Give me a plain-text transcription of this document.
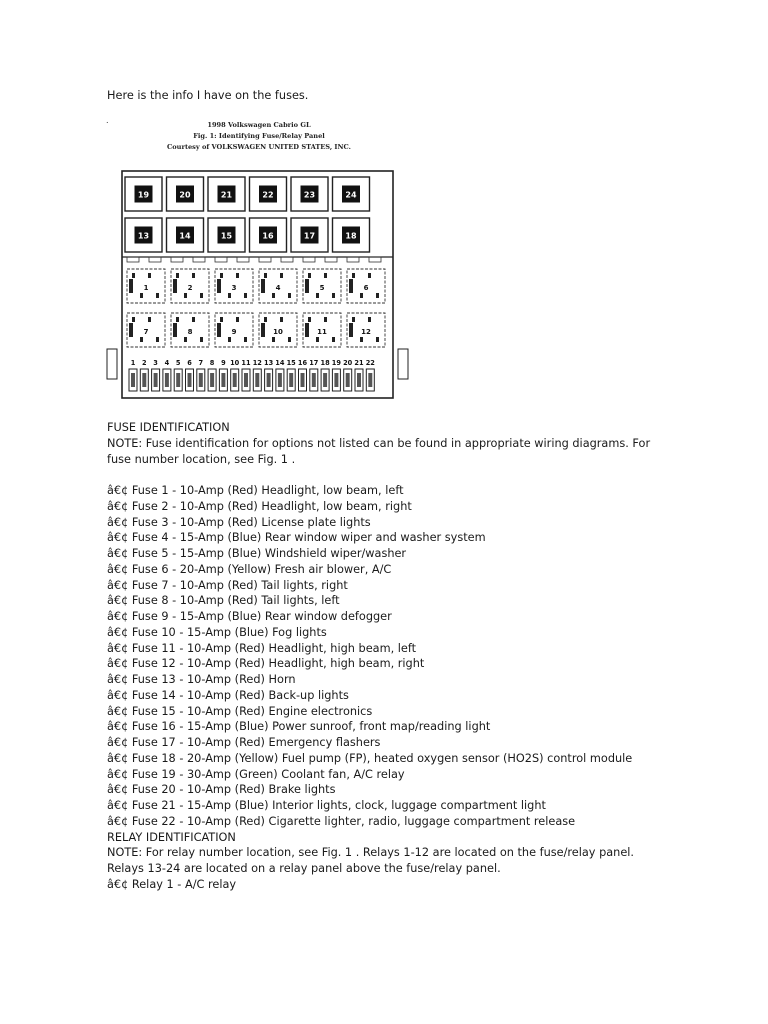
Here is the info I have on the fuses.
.	1998 Volkswagen Cabrio GL
Fig. 1: Identifying Fuse/Relay Panel
Courtesy of VOLKSWAGEN UNITED STATES, INC.
19	20	21	22	23	24
13	14	15	16	17	18
1	2	3	4	5	6
7	8	9	10	11	12
1 2 3 4 5 6 7 8 9 10 11 12 13 14 15 16 17 18 19 20 21 22
FUSE IDENTIFICATION
NOTE: Fuse identification for options not listed can be found in appropriate wiring diagrams. For
fuse number location, see Fig. 1 .
â€¢ Fuse 1 - 10-Amp (Red) Headlight, low beam, left
â€¢ Fuse 2 - 10-Amp (Red) Headlight, low beam, right
â€¢ Fuse 3 - 10-Amp (Red) License plate lights
â€¢ Fuse 4 - 15-Amp (Blue) Rear window wiper and washer system
â€¢ Fuse 5 - 15-Amp (Blue) Windshield wiper/washer
â€¢ Fuse 6 - 20-Amp (Yellow) Fresh air blower, A/C
â€¢ Fuse 7 - 10-Amp (Red) Tail lights, right
â€¢ Fuse 8 - 10-Amp (Red) Tail lights, left
â€¢ Fuse 9 - 15-Amp (Blue) Rear window defogger
â€¢ Fuse 10 - 15-Amp (Blue) Fog lights
â€¢ Fuse 11 - 10-Amp (Red) Headlight, high beam, left
â€¢ Fuse 12 - 10-Amp (Red) Headlight, high beam, right
â€¢ Fuse 13 - 10-Amp (Red) Horn
â€¢ Fuse 14 - 10-Amp (Red) Back-up lights
â€¢ Fuse 15 - 10-Amp (Red) Engine electronics
â€¢ Fuse 16 - 15-Amp (Blue) Power sunroof, front map/reading light
â€¢ Fuse 17 - 10-Amp (Red) Emergency flashers
â€¢ Fuse 18 - 20-Amp (Yellow) Fuel pump (FP), heated oxygen sensor (HO2S) control module
â€¢ Fuse 19 - 30-Amp (Green) Coolant fan, A/C relay
â€¢ Fuse 20 - 10-Amp (Red) Brake lights
â€¢ Fuse 21 - 15-Amp (Blue) Interior lights, clock, luggage compartment light
â€¢ Fuse 22 - 10-Amp (Red) Cigarette lighter, radio, luggage compartment release
RELAY IDENTIFICATION
NOTE: For relay number location, see Fig. 1 . Relays 1-12 are located on the fuse/relay panel.
Relays 13-24 are located on a relay panel above the fuse/relay panel.
â€¢ Relay 1 - A/C relay
